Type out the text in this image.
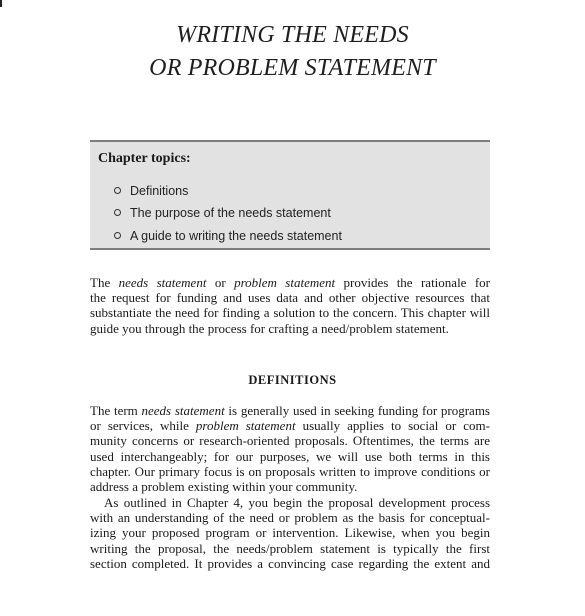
WRITING THE NEEDS
OR PROBLEM STATEMENT
Chapter topics:
Definitions
The purpose of the needs statement
A guide to writing the needs statement
The needs statement or problem statement provides the rationale for
the request for funding and uses data and other objective resources that
substantiate the need for finding a solution to the concern. This chapter will
guide you through the process for crafting a need/problem statement.
DEFINITIONS
The term needs statement is generally used in seeking funding for programs
or services, while problem statement usually applies to social or com-
munity concerns or research-oriented proposals. Oftentimes, the terms are
used interchangeably; for our purposes, we will use both terms in this
chapter. Our primary focus is on proposals written to improve conditions or
address a problem existing within your community.
As outlined in Chapter 4, you begin the proposal development process
with an understanding of the need or problem as the basis for conceptual-
izing your proposed program or intervention. Likewise, when you begin
writing the proposal, the needs/problem statement is typically the first
section completed. It provides a convincing case regarding the extent and
